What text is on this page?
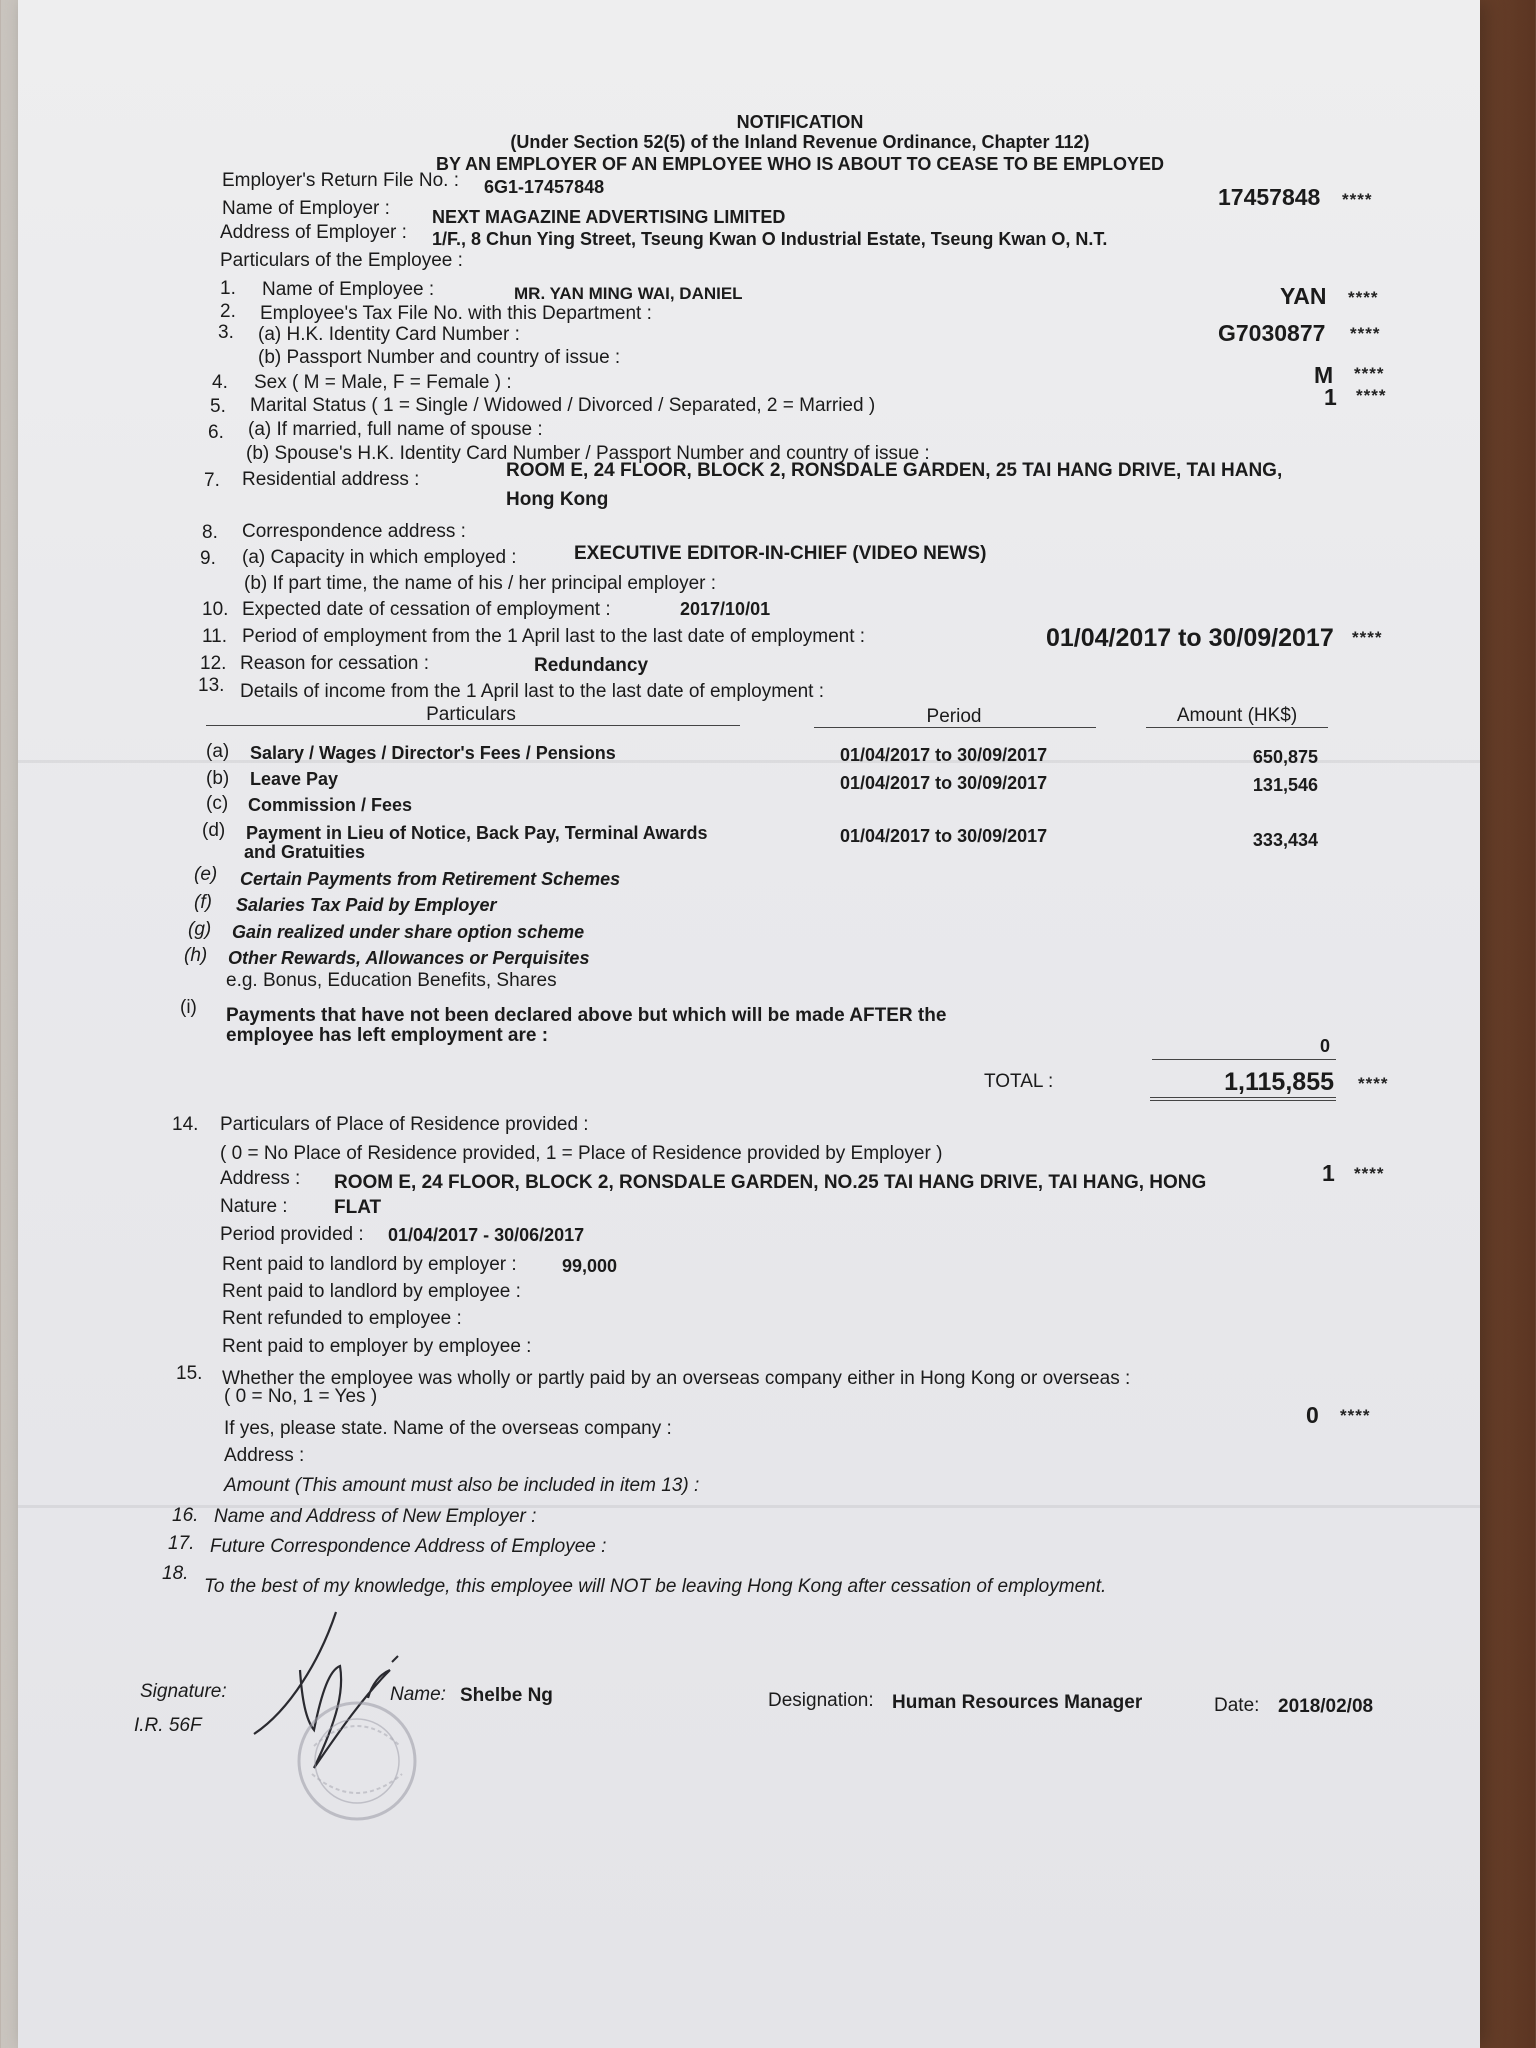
NOTIFICATION
(Under Section 52(5) of the Inland Revenue Ordinance, Chapter 112)
BY AN EMPLOYER OF AN EMPLOYEE WHO IS ABOUT TO CEASE TO BE EMPLOYED
Employer's Return File No. : 6G1-17457848	17457848 ****
Name of Employer : NEXT MAGAZINE ADVERTISING LIMITED
Address of Employer : 1/F., 8 Chun Ying Street, Tseung Kwan O Industrial Estate, Tseung Kwan O, N.T.
Particulars of the Employee :
1. Name of Employee :	MR. YAN MING WAI, DANIEL	YAN ****
2. Employee's Tax File No. with this Department :
3. (a) H.K. Identity Card Number :	G7030877 ****
(b) Passport Number and country of issue :
4. Sex ( M = Male, F = Female ) :	M ****
5. Marital Status ( 1 = Single / Widowed / Divorced / Separated, 2 = Married )	1 ****
6. (a) If married, full name of spouse :
(b) Spouse's H.K. Identity Card Number / Passport Number and country of issue :
7. Residential address :	ROOM E, 24 FLOOR, BLOCK 2, RONSDALE GARDEN, 25 TAI HANG DRIVE, TAI HANG,
Hong Kong
8. Correspondence address :
9. (a) Capacity in which employed :	EXECUTIVE EDITOR-IN-CHIEF (VIDEO NEWS)
(b) If part time, the name of his / her principal employer :
10. Expected date of cessation of employment :	2017/10/01
11. Period of employment from the 1 April last to the last date of employment :	01/04/2017 to 30/09/2017 ****
12. Reason for cessation :	Redundancy
13. Details of income from the 1 April last to the last date of employment :
Particulars	Period	Amount (HK$)
(a) Salary / Wages / Director's Fees / Pensions	01/04/2017 to 30/09/2017	650,875
(b) Leave Pay	01/04/2017 to 30/09/2017	131,546
(c) Commission / Fees
(d) Payment in Lieu of Notice, Back Pay, Terminal Awards
and Gratuities
01/04/2017 to 30/09/2017	333,434
(e) Certain Payments from Retirement Schemes
(f) Salaries Tax Paid by Employer
(g) Gain realized under share option scheme
(h) Other Rewards, Allowances or Perquisites
e.g. Bonus, Education Benefits, Shares
(i) Payments that have not been declared above but which will be made AFTER the
employee has left employment are :	0
TOTAL :	1,115,855 ****
14. Particulars of Place of Residence provided :
( 0 = No Place of Residence provided, 1 = Place of Residence provided by Employer )
1 ****
Address : ROOM E, 24 FLOOR, BLOCK 2, RONSDALE GARDEN, NO.25 TAI HANG DRIVE, TAI HANG, HONG
Nature : FLAT
Period provided : 01/04/2017 - 30/06/2017
Rent paid to landlord by employer :	99,000
Rent paid to landlord by employee :
Rent refunded to employee :
Rent paid to employer by employee :
15. Whether the employee was wholly or partly paid by an overseas company either in Hong Kong or overseas :
( 0 = No, 1 = Yes )
0 ****
If yes, please state. Name of the overseas company :
Address :
Amount (This amount must also be included in item 13) :
16. Name and Address of New Employer :
17. Future Correspondence Address of Employee :
18.
To the best of my knowledge, this employee will NOT be leaving Hong Kong after cessation of employment.
Signature:
I.R. 56F
Name: Shelbe Ng	Designation: Human Resources Manager	Date: 2018/02/08
